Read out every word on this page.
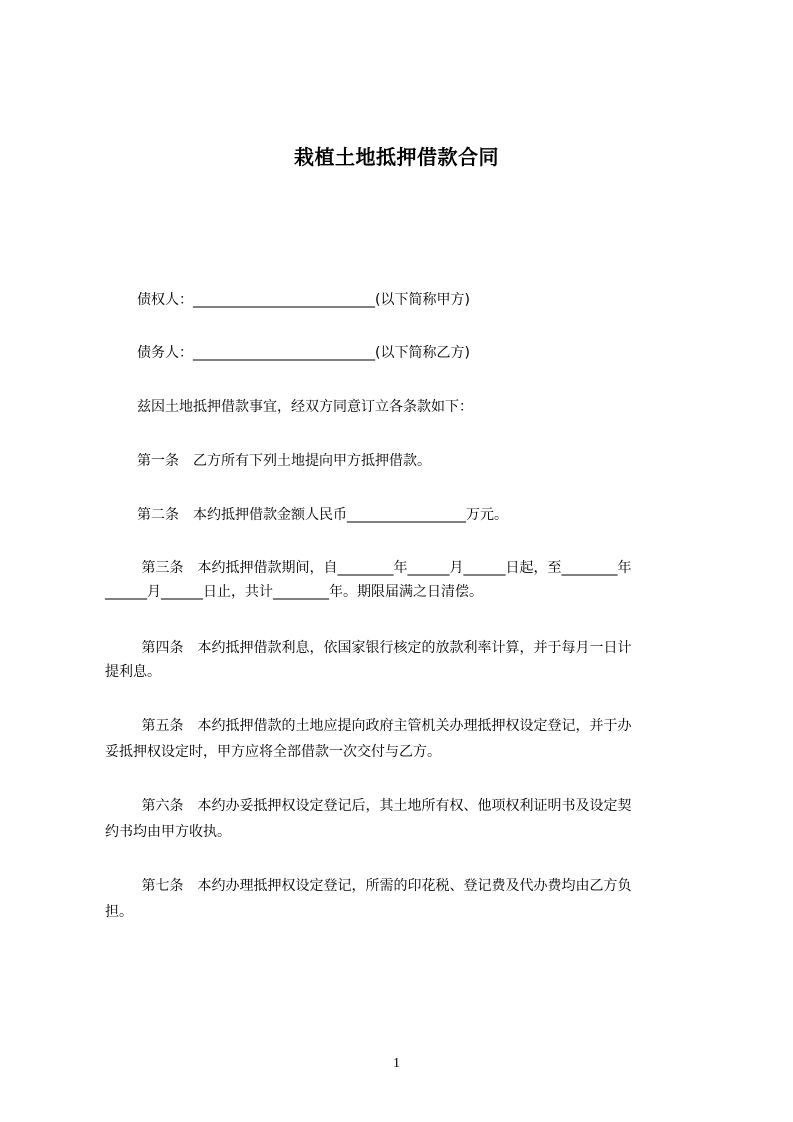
栽植土地抵押借款合同
债权人：__________________________(以下简称甲方)
债务人：__________________________(以下简称乙方)
兹因土地抵押借款事宜，经双方同意订立各条款如下：
第一条　乙方所有下列土地提向甲方抵押借款。
第二条　本约抵押借款金额人民币_________________万元。
第三条　本约抵押借款期间，自________年______月______日起，至________年
______月______日止，共计________年。期限届满之日清偿。
第四条　本约抵押借款利息，依国家银行核定的放款利率计算，并于每月一日计
提利息。
第五条　本约抵押借款的土地应提向政府主管机关办理抵押权设定登记，并于办
妥抵押权设定时，甲方应将全部借款一次交付与乙方。
第六条　本约办妥抵押权设定登记后，其土地所有权、他项权利证明书及设定契
约书均由甲方收执。
第七条　本约办理抵押权设定登记，所需的印花税、登记费及代办费均由乙方负
担。
1
